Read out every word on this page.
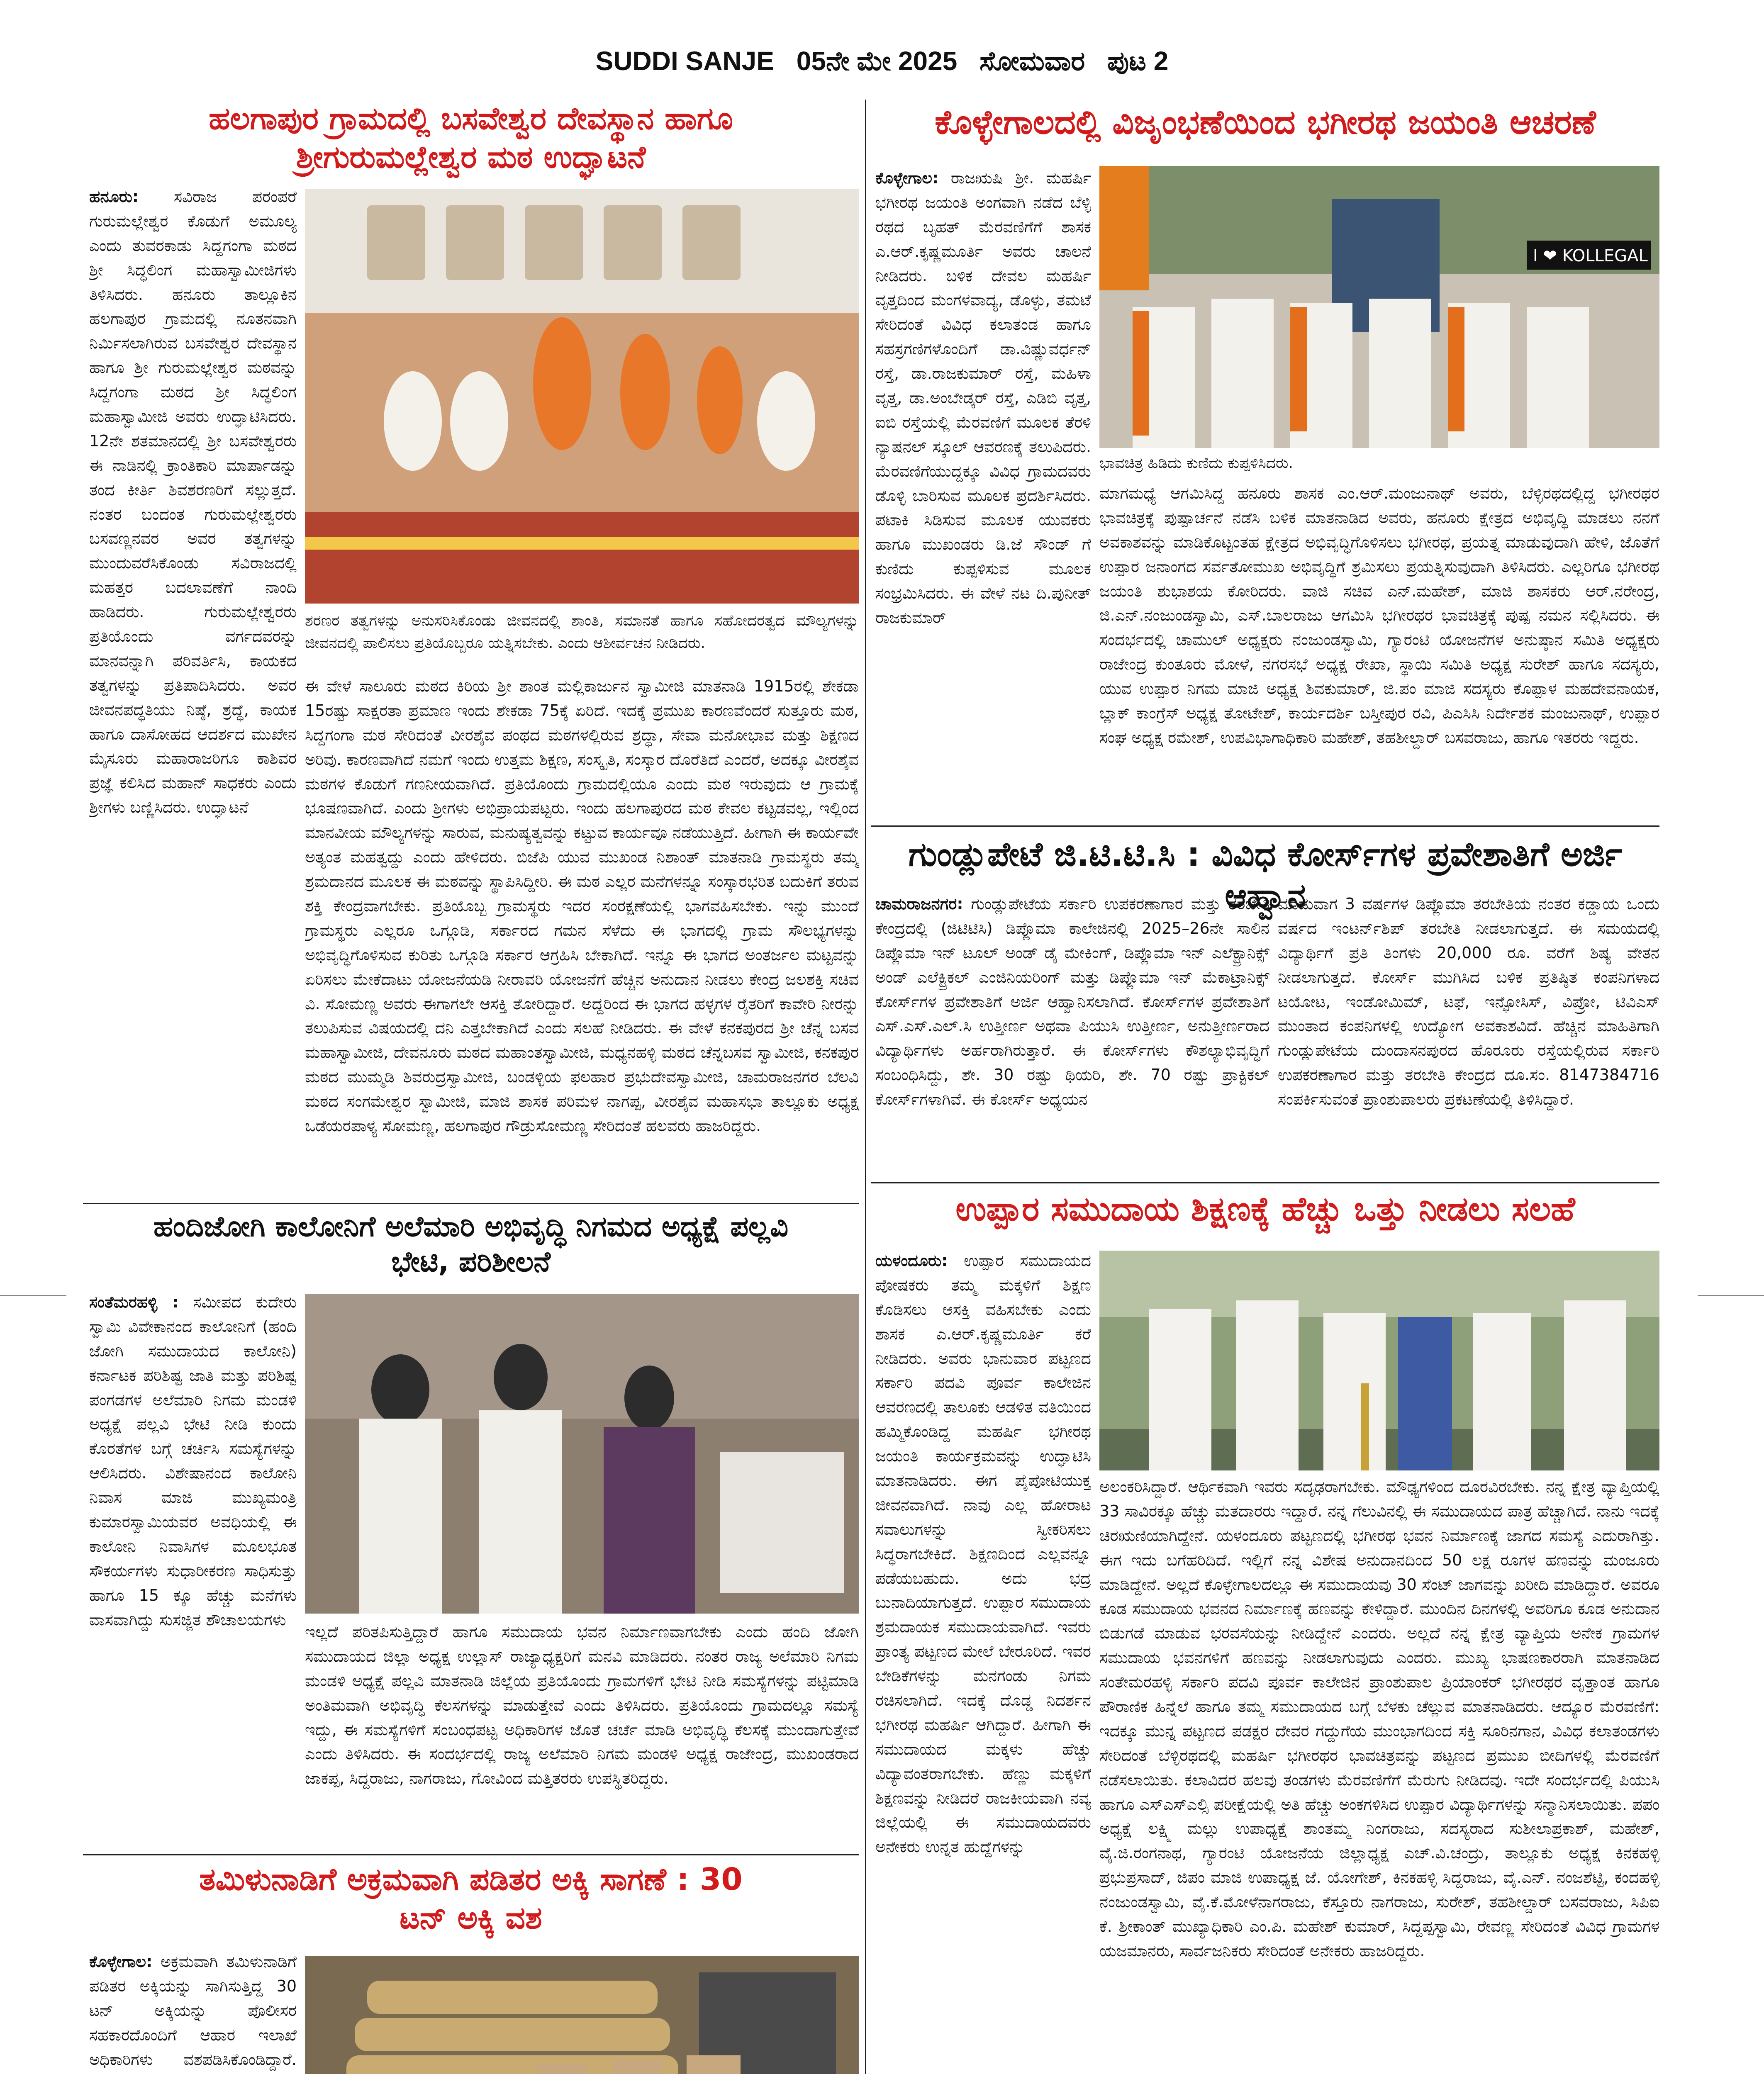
SUDDI SANJE 05ನೇ ಮೇ 2025 ಸೋಮವಾರ ಪುಟ 2
ಹಲಗಾಪುರ ಗ್ರಾಮದಲ್ಲಿ ಬಸವೇಶ್ವರ ದೇವಸ್ಥಾನ ಹಾಗೂ
ಶ್ರೀಗುರುಮಲ್ಲೇಶ್ವರ ಮಠ ಉದ್ಘಾಟನೆ
ಹನೂರು: ಸವಿರಾಜ ಪರಂಪರೆ ಗುರುಮಲ್ಲೇಶ್ವರ ಕೊಡುಗೆ ಅಮೂಲ್ಯ ಎಂದು ತುವರಕಾಡು ಸಿದ್ದಗಂಗಾ ಮಠದ ಶ್ರೀ ಸಿದ್ಧಲಿಂಗ ಮಹಾಸ್ವಾಮೀಜಿಗಳು ತಿಳಿಸಿದರು. ಹನೂರು ತಾಲ್ಲೂಕಿನ ಹಲಗಾಪುರ ಗ್ರಾಮದಲ್ಲಿ ನೂತನವಾಗಿ ನಿರ್ಮಿಸಲಾಗಿರುವ ಬಸವೇಶ್ವರ ದೇವಸ್ಥಾನ ಹಾಗೂ ಶ್ರೀ ಗುರುಮಲ್ಲೇಶ್ವರ ಮಠವನ್ನು ಸಿದ್ದಗಂಗಾ ಮಠದ ಶ್ರೀ ಸಿದ್ಧಲಿಂಗ ಮಹಾಸ್ವಾಮೀಜಿ ಅವರು ಉದ್ಘಾಟಿಸಿದರು. 12ನೇ ಶತಮಾನದಲ್ಲಿ ಶ್ರೀ ಬಸವೇಶ್ವರರು ಈ ನಾಡಿನಲ್ಲಿ ಕ್ರಾಂತಿಕಾರಿ ಮಾರ್ಪಾಡನ್ನು ತಂದ ಕೀರ್ತಿ ಶಿವಶರಣರಿಗೆ ಸಲ್ಲುತ್ತದೆ. ನಂತರ ಬಂದಂತ ಗುರುಮಲ್ಲೇಶ್ವರರು ಬಸವಣ್ಣನವರ ಅವರ ತತ್ವಗಳನ್ನು ಮುಂದುವರೆಸಿಕೊಂಡು ಸವಿರಾಜದಲ್ಲಿ ಮಹತ್ತರ ಬದಲಾವಣೆಗೆ ನಾಂದಿ ಹಾಡಿದರು. ಗುರುಮಲ್ಲೇಶ್ವರರು ಪ್ರತಿಯೊಂದು ವರ್ಗದವರನ್ನು ಮಾನವನ್ನಾಗಿ ಪರಿವರ್ತಿಸಿ, ಕಾಯಕದ ತತ್ವಗಳನ್ನು ಪ್ರತಿಪಾದಿಸಿದರು. ಅವರ ಜೀವನಪದ್ಧತಿಯು ನಿಷ್ಠೆ, ಶ್ರದ್ಧೆ, ಕಾಯಕ ಹಾಗೂ ದಾಸೋಹದ ಆದರ್ಶದ ಮುಖೇನ ಮೈಸೂರು ಮಹಾರಾಜರಿಗೂ ಕಾಶಿವರ ಪ್ರಜ್ಞೆ ಕಲಿಸಿದ ಮಹಾನ್ ಸಾಧಕರು ಎಂದು ಶ್ರೀಗಳು ಬಣ್ಣಿಸಿದರು. ಉದ್ಘಾಟನೆ
ಶರಣರ ತತ್ವಗಳನ್ನು ಅನುಸರಿಸಿಕೊಂಡು ಜೀವನದಲ್ಲಿ ಶಾಂತಿ, ಸಮಾನತೆ ಹಾಗೂ ಸಹೋದರತ್ವದ ಮೌಲ್ಯಗಳನ್ನು ಜೀವನದಲ್ಲಿ ಪಾಲಿಸಲು ಪ್ರತಿಯೊಬ್ಬರೂ ಯತ್ನಿಸಬೇಕು. ಎಂದು ಆಶೀರ್ವಚನ ನೀಡಿದರು.
ಈ ವೇಳೆ ಸಾಲೂರು ಮಠದ ಕಿರಿಯ ಶ್ರೀ ಶಾಂತ ಮಲ್ಲಿಕಾರ್ಜುನ ಸ್ವಾಮೀಜಿ ಮಾತನಾಡಿ 1915ರಲ್ಲಿ ಶೇಕಡಾ 15ರಷ್ಟು ಸಾಕ್ಷರತಾ ಪ್ರಮಾಣ ಇಂದು ಶೇಕಡಾ 75ಕ್ಕೆ ಏರಿದೆ. ಇದಕ್ಕೆ ಪ್ರಮುಖ ಕಾರಣವೆಂದರೆ ಸುತ್ತೂರು ಮಠ, ಸಿದ್ದಗಂಗಾ ಮಠ ಸೇರಿದಂತೆ ವೀರಶೈವ ಪಂಥದ ಮಠಗಳಲ್ಲಿರುವ ಶ್ರದ್ಧಾ, ಸೇವಾ ಮನೋಭಾವ ಮತ್ತು ಶಿಕ್ಷಣದ ಅರಿವು. ಕಾರಣವಾಗಿದೆ ನಮಗೆ ಇಂದು ಉತ್ತಮ ಶಿಕ್ಷಣ, ಸಂಸ್ಕೃತಿ, ಸಂಸ್ಕಾರ ದೊರೆತಿದೆ ಎಂದರೆ, ಅದಕ್ಕೂ ವೀರಶೈವ ಮಠಗಳ ಕೊಡುಗೆ ಗಣನೀಯವಾಗಿದೆ. ಪ್ರತಿಯೊಂದು ಗ್ರಾಮದಲ್ಲಿಯೂ ಎಂದು ಮಠ ಇರುವುದು ಆ ಗ್ರಾಮಕ್ಕೆ ಭೂಷಣವಾಗಿದೆ. ಎಂದು ಶ್ರೀಗಳು ಅಭಿಪ್ರಾಯಪಟ್ಟರು. ಇಂದು ಹಲಗಾಪುರದ ಮಠ ಕೇವಲ ಕಟ್ಟಡವಲ್ಲ, ಇಲ್ಲಿಂದ ಮಾನವೀಯ ಮೌಲ್ಯಗಳನ್ನು ಸಾರುವ, ಮನುಷ್ಯತ್ವವನ್ನು ಕಟ್ಟುವ ಕಾರ್ಯವೂ ನಡೆಯುತ್ತಿದೆ. ಹೀಗಾಗಿ ಈ ಕಾರ್ಯವೇ ಅತ್ಯಂತ ಮಹತ್ವದ್ದು ಎಂದು ಹೇಳಿದರು. ಬಿಜೆಪಿ ಯುವ ಮುಖಂಡ ನಿಶಾಂತ್ ಮಾತನಾಡಿ ಗ್ರಾಮಸ್ಥರು ತಮ್ಮ ಶ್ರಮದಾನದ ಮೂಲಕ ಈ ಮಠವನ್ನು ಸ್ಥಾಪಿಸಿದ್ದೀರಿ. ಈ ಮಠ ಎಲ್ಲರ ಮನೆಗಳನ್ನೂ ಸಂಸ್ಕಾರಭರಿತ ಬದುಕಿಗೆ ತರುವ ಶಕ್ತಿ ಕೇಂದ್ರವಾಗಬೇಕು. ಪ್ರತಿಯೊಬ್ಬ ಗ್ರಾಮಸ್ಥರು ಇದರ ಸಂರಕ್ಷಣೆಯಲ್ಲಿ ಭಾಗವಹಿಸಬೇಕು. ಇನ್ನು ಮುಂದೆ ಗ್ರಾಮಸ್ಥರು ಎಲ್ಲರೂ ಒಗ್ಗೂಡಿ, ಸರ್ಕಾರದ ಗಮನ ಸೆಳೆದು ಈ ಭಾಗದಲ್ಲಿ ಗ್ರಾಮ ಸೌಲಭ್ಯಗಳನ್ನು ಅಭಿವೃದ್ಧಿಗೊಳಿಸುವ ಕುರಿತು ಒಗ್ಗೂಡಿ ಸರ್ಕಾರ ಆಗ್ರಹಿಸಿ ಬೇಕಾಗಿದೆ. ಇನ್ನೂ ಈ ಭಾಗದ ಅಂತರ್ಜಲ ಮಟ್ಟವನ್ನು ಏರಿಸಲು ಮೇಕೆದಾಟು ಯೋಜನೆಯಡಿ ನೀರಾವರಿ ಯೋಜನೆಗೆ ಹೆಚ್ಚಿನ ಅನುದಾನ ನೀಡಲು ಕೇಂದ್ರ ಜಲಶಕ್ತಿ ಸಚಿವ ವಿ. ಸೋಮಣ್ಣ ಅವರು ಈಗಾಗಲೇ ಆಸಕ್ತಿ ತೋರಿದ್ದಾರೆ. ಅದ್ದರಿಂದ ಈ ಭಾಗದ ಹಳ್ಳಗಳ ರೈತರಿಗೆ ಕಾವೇರಿ ನೀರನ್ನು ತಲುಪಿಸುವ ವಿಷಯದಲ್ಲಿ ದನಿ ಎತ್ತಬೇಕಾಗಿದೆ ಎಂದು ಸಲಹೆ ನೀಡಿದರು. ಈ ವೇಳೆ ಕನಕಪುರದ ಶ್ರೀ ಚೆನ್ನ ಬಸವ ಮಹಾಸ್ವಾಮೀಜಿ, ದೇವನೂರು ಮಠದ ಮಹಾಂತಸ್ವಾಮೀಜಿ, ಮಧ್ಯನಹಳ್ಳಿ ಮಠದ ಚೆನ್ನಬಸವ ಸ್ವಾಮೀಜಿ, ಕನಕಪುರ ಮಠದ ಮುಮ್ಮಡಿ ಶಿವರುದ್ರಸ್ವಾಮೀಜಿ, ಬಂಡಳ್ಳಿಯ ಫಲಹಾರ ಪ್ರಭುದೇವಸ್ವಾಮೀಜಿ, ಚಾಮರಾಜನಗರ ಬೆಲವಿ ಮಠದ ಸಂಗಮೇಶ್ವರ ಸ್ವಾಮೀಜಿ, ಮಾಜಿ ಶಾಸಕ ಪರಿಮಳ ನಾಗಪ್ಪ, ವೀರಶೈವ ಮಹಾಸಭಾ ತಾಲ್ಲೂಕು ಅಧ್ಯಕ್ಷ ಒಡೆಯರಪಾಳ್ಯ ಸೋಮಣ್ಣ, ಹಲಗಾಪುರ ಗೌಡ್ರುಸೋಮಣ್ಣ ಸೇರಿದಂತೆ ಹಲವರು ಹಾಜರಿದ್ದರು.
ಹಂದಿಜೋಗಿ ಕಾಲೋನಿಗೆ ಅಲೆಮಾರಿ ಅಭಿವೃದ್ಧಿ ನಿಗಮದ ಅಧ್ಯಕ್ಷೆ ಪಲ್ಲವಿ
ಭೇಟಿ, ಪರಿಶೀಲನೆ
ಸಂತೆಮರಹಳ್ಳಿ : ಸಮೀಪದ ಕುದೇರು ಸ್ವಾಮಿ ವಿವೇಕಾನಂದ ಕಾಲೋನಿಗೆ (ಹಂದಿ ಜೋಗಿ ಸಮುದಾಯದ ಕಾಲೋನಿ) ಕರ್ನಾಟಕ ಪರಿಶಿಷ್ಟ ಜಾತಿ ಮತ್ತು ಪರಿಶಿಷ್ಟ ಪಂಗಡಗಳ ಅಲೆಮಾರಿ ನಿಗಮ ಮಂಡಳಿ ಅಧ್ಯಕ್ಷೆ ಪಲ್ಲವಿ ಭೇಟಿ ನೀಡಿ ಕುಂದು ಕೊರತೆಗಳ ಬಗ್ಗೆ ಚರ್ಚಿಸಿ ಸಮಸ್ಯೆಗಳನ್ನು ಆಲಿಸಿದರು. ವಿಶೇಷಾನಂದ ಕಾಲೋನಿ ನಿವಾಸ ಮಾಜಿ ಮುಖ್ಯಮಂತ್ರಿ ಕುಮಾರಸ್ವಾಮಿಯವರ ಅವಧಿಯಲ್ಲಿ ಈ ಕಾಲೋನಿ ನಿವಾಸಿಗಳ ಮೂಲಭೂತ ಸೌಕರ್ಯಗಳು ಸುಧಾರೀಕರಣ ಸಾಧಿಸುತ್ತು ಹಾಗೂ 15 ಕ್ಕೂ ಹೆಚ್ಚು ಮನೆಗಳು ವಾಸವಾಗಿದ್ದು ಸುಸಜ್ಜಿತ ಶೌಚಾಲಯಗಳು
ಇಲ್ಲದೆ ಪರಿತಪಿಸುತ್ತಿದ್ದಾರೆ ಹಾಗೂ ಸಮುದಾಯ ಭವನ ನಿರ್ಮಾಣವಾಗಬೇಕು ಎಂದು ಹಂದಿ ಜೋಗಿ ಸಮುದಾಯದ ಜಿಲ್ಲಾ ಅಧ್ಯಕ್ಷ ಉಲ್ಲಾಸ್ ರಾಜ್ಯಾಧ್ಯಕ್ಷರಿಗೆ ಮನವಿ ಮಾಡಿದರು. ನಂತರ ರಾಜ್ಯ ಅಲೆಮಾರಿ ನಿಗಮ ಮಂಡಳಿ ಅಧ್ಯಕ್ಷೆ ಪಲ್ಲವಿ ಮಾತನಾಡಿ ಜಿಲ್ಲೆಯ ಪ್ರತಿಯೊಂದು ಗ್ರಾಮಗಳಿಗೆ ಭೇಟಿ ನೀಡಿ ಸಮಸ್ಯೆಗಳನ್ನು ಪಟ್ಟಿಮಾಡಿ ಅಂತಿಮವಾಗಿ ಅಭಿವೃದ್ಧಿ ಕೆಲಸಗಳನ್ನು ಮಾಡುತ್ತೇವೆ ಎಂದು ತಿಳಿಸಿದರು. ಪ್ರತಿಯೊಂದು ಗ್ರಾಮದಲ್ಲೂ ಸಮಸ್ಯೆ ಇದ್ದು, ಈ ಸಮಸ್ಯೆಗಳಿಗೆ ಸಂಬಂಧಪಟ್ಟ ಅಧಿಕಾರಿಗಳ ಜೊತೆ ಚರ್ಚೆ ಮಾಡಿ ಅಭಿವೃದ್ಧಿ ಕೆಲಸಕ್ಕೆ ಮುಂದಾಗುತ್ತೇವೆ ಎಂದು ತಿಳಿಸಿದರು. ಈ ಸಂದರ್ಭದಲ್ಲಿ ರಾಜ್ಯ ಅಲೆಮಾರಿ ನಿಗಮ ಮಂಡಳಿ ಅಧ್ಯಕ್ಷ ರಾಜೇಂದ್ರ, ಮುಖಂಡರಾದ ಜಾಕಪ್ಪ, ಸಿದ್ದರಾಜು, ನಾಗರಾಜು, ಗೋವಿಂದ ಮತ್ತಿತರರು ಉಪಸ್ಥಿತರಿದ್ದರು.
ತಮಿಳುನಾಡಿಗೆ ಅಕ್ರಮವಾಗಿ ಪಡಿತರ ಅಕ್ಕಿ ಸಾಗಣೆ : 30
ಟನ್ ಅಕ್ಕಿ ವಶ
ಕೊಳ್ಳೇಗಾಲ: ಅಕ್ರಮವಾಗಿ ತಮಿಳುನಾಡಿಗೆ ಪಡಿತರ ಅಕ್ಕಿಯನ್ನು ಸಾಗಿಸುತ್ತಿದ್ದ 30 ಟನ್ ಅಕ್ಕಿಯನ್ನು ಪೊಲೀಸರ ಸಹಕಾರದೊಂದಿಗೆ ಆಹಾರ ಇಲಾಖೆ ಅಧಿಕಾರಿಗಳು ವಶಪಡಿಸಿಕೊಂಡಿದ್ದಾರೆ.
ಕೊಳ್ಳೇಗಾಲದಲ್ಲಿ ವಿಜೃಂಭಣೆಯಿಂದ ಭಗೀರಥ ಜಯಂತಿ ಆಚರಣೆ
ಕೊಳ್ಳೇಗಾಲ: ರಾಜಋಷಿ ಶ್ರೀ. ಮಹರ್ಷಿ ಭಗೀರಥ ಜಯಂತಿ ಅಂಗವಾಗಿ ನಡೆದ ಬೆಳ್ಳಿ ರಥದ ಬೃಹತ್ ಮೆರವಣಿಗೆಗೆ ಶಾಸಕ ಎ.ಆರ್.ಕೃಷ್ಣಮೂರ್ತಿ ಅವರು ಚಾಲನೆ ನೀಡಿದರು. ಬಳಿಕ ದೇವಲ ಮಹರ್ಷಿ ವೃತ್ತದಿಂದ ಮಂಗಳವಾದ್ಯ, ಡೊಳ್ಳು, ತಮಟೆ ಸೇರಿದಂತೆ ವಿವಿಧ ಕಲಾತಂಡ ಹಾಗೂ ಸಹಸ್ರಗಣಿಗಳೊಂದಿಗೆ ಡಾ.ವಿಷ್ಣುವರ್ಧನ್ ರಸ್ತೆ, ಡಾ.ರಾಜಕುಮಾರ್ ರಸ್ತೆ, ಮಹಿಳಾ ವೃತ್ತ, ಡಾ.ಅಂಬೇಡ್ಕರ್ ರಸ್ತೆ, ಎಡಿಬಿ ವೃತ್ತ, ಐಬಿ ರಸ್ತೆಯಲ್ಲಿ ಮೆರವಣಿಗೆ ಮೂಲಕ ತೆರಳಿ ನ್ಯಾಷನಲ್ ಸ್ಕೂಲ್ ಆವರಣಕ್ಕೆ ತಲುಪಿದರು. ಮೆರವಣಿಗೆಯುದ್ದಕ್ಕೂ ವಿವಿಧ ಗ್ರಾಮದವರು ಡೊಳ್ಳಿ ಬಾರಿಸುವ ಮೂಲಕ ಪ್ರದರ್ಶಿಸಿದರು. ಪಟಾಕಿ ಸಿಡಿಸುವ ಮೂಲಕ ಯುವಕರು ಹಾಗೂ ಮುಖಂಡರು ಡಿ.ಜೆ ಸೌಂಡ್ ಗೆ ಕುಣಿದು ಕುಪ್ಪಳಿಸುವ ಮೂಲಕ ಸಂಭ್ರಮಿಸಿದರು. ಈ ವೇಳೆ ನಟ ದಿ.ಪುನೀತ್ ರಾಜಕುಮಾರ್
I ❤ KOLLEGAL
ಭಾವಚಿತ್ರ ಹಿಡಿದು ಕುಣಿದು ಕುಪ್ಪಳಿಸಿದರು.
ಮಾಗಮಧ್ಯೆ ಆಗಮಿಸಿದ್ದ ಹನೂರು ಶಾಸಕ ಎಂ.ಆರ್.ಮಂಜುನಾಥ್ ಅವರು, ಬೆಳ್ಳಿರಥದಲ್ಲಿದ್ದ ಭಗೀರಥರ ಭಾವಚಿತ್ರಕ್ಕೆ ಪುಷ್ಪಾರ್ಚನೆ ನಡೆಸಿ ಬಳಿಕ ಮಾತನಾಡಿದ ಅವರು, ಹನೂರು ಕ್ಷೇತ್ರದ ಅಭಿವೃದ್ಧಿ ಮಾಡಲು ನನಗೆ ಅವಕಾಶವನ್ನು ಮಾಡಿಕೊಟ್ಟಂತಹ ಕ್ಷೇತ್ರದ ಅಭಿವೃದ್ಧಿಗೊಳಿಸಲು ಭಗೀರಥ, ಪ್ರಯತ್ನ ಮಾಡುವುದಾಗಿ ಹೇಳಿ, ಜೊತೆಗೆ ಉಪ್ಪಾರ ಜನಾಂಗದ ಸರ್ವತೋಮುಖ ಅಭಿವೃದ್ಧಿಗೆ ಶ್ರಮಿಸಲು ಪ್ರಯತ್ನಿಸುವುದಾಗಿ ತಿಳಿಸಿದರು. ಎಲ್ಲರಿಗೂ ಭಗೀರಥ ಜಯಂತಿ ಶುಭಾಶಯ ಕೋರಿದರು. ವಾಜಿ ಸಚಿವ ಎನ್.ಮಹೇಶ್, ಮಾಜಿ ಶಾಸಕರು ಆರ್.ನರೇಂದ್ರ, ಜಿ.ಎನ್.ನಂಜುಂಡಸ್ವಾಮಿ, ಎಸ್.ಬಾಲರಾಜು ಆಗಮಿಸಿ ಭಗೀರಥರ ಭಾವಚಿತ್ರಕ್ಕೆ ಪುಷ್ಪ ನಮನ ಸಲ್ಲಿಸಿದರು. ಈ ಸಂದರ್ಭದಲ್ಲಿ ಚಾಮುಲ್ ಅಧ್ಯಕ್ಷರು ನಂಜುಂಡಸ್ವಾಮಿ, ಗ್ಯಾರಂಟಿ ಯೋಜನೆಗಳ ಅನುಷ್ಠಾನ ಸಮಿತಿ ಅಧ್ಯಕ್ಷರು ರಾಜೇಂದ್ರ ಕುಂತೂರು ಮೋಳೆ, ನಗರಸಭೆ ಅಧ್ಯಕ್ಷ ರೇಖಾ, ಸ್ಥಾಯಿ ಸಮಿತಿ ಅಧ್ಯಕ್ಷ ಸುರೇಶ್ ಹಾಗೂ ಸದಸ್ಯರು, ಯುವ ಉಪ್ಪಾರ ನಿಗಮ ಮಾಜಿ ಅಧ್ಯಕ್ಷ ಶಿವಕುಮಾರ್, ಜಿ.ಪಂ ಮಾಜಿ ಸದಸ್ಯರು ಕೊಪ್ಪಾಳ ಮಹದೇವನಾಯಕ, ಬ್ಲಾಕ್ ಕಾಂಗ್ರೆಸ್ ಅಧ್ಯಕ್ಷ ತೋಟೇಶ್, ಕಾರ್ಯದರ್ಶಿ ಬಸ್ತೀಪುರ ರವಿ, ಪಿಎಸಿಸಿ ನಿರ್ದೇಶಕ ಮಂಜುನಾಥ್, ಉಪ್ಪಾರ ಸಂಘ ಅಧ್ಯಕ್ಷ ರಮೇಶ್, ಉಪವಿಭಾಗಾಧಿಕಾರಿ ಮಹೇಶ್, ತಹಶೀಲ್ದಾರ್ ಬಸವರಾಜು, ಹಾಗೂ ಇತರರು ಇದ್ದರು.
ಗುಂಡ್ಲುಪೇಟೆ ಜಿ.ಟಿ.ಟಿ.ಸಿ : ವಿವಿಧ ಕೋರ್ಸ್‌ಗಳ ಪ್ರವೇಶಾತಿಗೆ ಅರ್ಜಿ ಆಹ್ವಾನ
ಚಾಮರಾಜನಗರ: ಗುಂಡ್ಲುಪೇಟೆಯ ಸರ್ಕಾರಿ ಉಪಕರಣಾಗಾರ ಮತ್ತು ತರಬೇತಿ ಕೇಂದ್ರದಲ್ಲಿ (ಜಿಟಿಟಿಸಿ) ಡಿಪ್ಲೊಮಾ ಕಾಲೇಜಿನಲ್ಲಿ 2025–26ನೇ ಸಾಲಿನ ಡಿಪ್ಲೊಮಾ ಇನ್ ಟೂಲ್ ಅಂಡ್ ಡೈ ಮೇಕಿಂಗ್, ಡಿಪ್ಲೊಮಾ ಇನ್ ಎಲೆಕ್ಟ್ರಾನಿಕ್ಸ್ ಅಂಡ್ ಎಲೆಕ್ಟ್ರಿಕಲ್ ಎಂಜಿನಿಯರಿಂಗ್ ಮತ್ತು ಡಿಪ್ಲೊಮಾ ಇನ್ ಮೆಕಾಟ್ರಾನಿಕ್ಸ್ ಕೋರ್ಸ್‌ಗಳ ಪ್ರವೇಶಾತಿಗೆ ಅರ್ಜಿ ಆಹ್ವಾನಿಸಲಾಗಿದೆ. ಕೋರ್ಸ್‌ಗಳ ಪ್ರವೇಶಾತಿಗೆ ಎಸ್.ಎಸ್.ಎಲ್.ಸಿ ಉತ್ತೀರ್ಣ ಅಥವಾ ಪಿಯುಸಿ ಉತ್ತೀರ್ಣ, ಅನುತ್ತೀರ್ಣರಾದ ವಿದ್ಯಾರ್ಥಿಗಳು ಅರ್ಹರಾಗಿರುತ್ತಾರೆ. ಈ ಕೋರ್ಸ್‌ಗಳು ಕೌಶಲ್ಯಾಭಿವೃದ್ಧಿಗೆ ಸಂಬಂಧಿಸಿದ್ದು, ಶೇ. 30 ರಷ್ಟು ಥಿಯರಿ, ಶೇ. 70 ರಷ್ಟು ಪ್ರಾಕ್ಟಿಕಲ್ ಕೋರ್ಸ್‌ಗಳಾಗಿವೆ. ಈ ಕೋರ್ಸ್ ಅಧ್ಯಯನ
ಮಾಡುವಾಗ 3 ವರ್ಷಗಳ ಡಿಪ್ಲೊಮಾ ತರಬೇತಿಯ ನಂತರ ಕಡ್ಡಾಯ ಒಂದು ವರ್ಷದ ಇಂಟರ್ನ್‌ಶಿಪ್ ತರಬೇತಿ ನೀಡಲಾಗುತ್ತದೆ. ಈ ಸಮಯದಲ್ಲಿ ವಿದ್ಯಾರ್ಥಿಗೆ ಪ್ರತಿ ತಿಂಗಳು 20,000 ರೂ. ವರೆಗೆ ಶಿಷ್ಯ ವೇತನ ನೀಡಲಾಗುತ್ತದೆ. ಕೋರ್ಸ್ ಮುಗಿಸಿದ ಬಳಿಕ ಪ್ರತಿಷ್ಠಿತ ಕಂಪನಿಗಳಾದ ಟಯೋಟ, ಇಂಡೋಮಿಮ್, ಟಫೆ, ಇನ್ಫೋಸಿಸ್, ವಿಪ್ರೋ, ಟಿವಿಎಸ್ ಮುಂತಾದ ಕಂಪನಿಗಳಲ್ಲಿ ಉದ್ಯೋಗ ಅವಕಾಶವಿದೆ. ಹೆಚ್ಚಿನ ಮಾಹಿತಿಗಾಗಿ ಗುಂಡ್ಲುಪೇಟೆಯ ದುಂದಾಸನಪುರದ ಹೊರೂರು ರಸ್ತೆಯಲ್ಲಿರುವ ಸರ್ಕಾರಿ ಉಪಕರಣಾಗಾರ ಮತ್ತು ತರಬೇತಿ ಕೇಂದ್ರದ ದೂ.ಸಂ. 8147384716 ಸಂಪರ್ಕಿಸುವಂತೆ ಪ್ರಾಂಶುಪಾಲರು ಪ್ರಕಟಣೆಯಲ್ಲಿ ತಿಳಿಸಿದ್ದಾರೆ.
ಉಪ್ಪಾರ ಸಮುದಾಯ ಶಿಕ್ಷಣಕ್ಕೆ ಹೆಚ್ಚು ಒತ್ತು ನೀಡಲು ಸಲಹೆ
ಯಳಂದೂರು: ಉಪ್ಪಾರ ಸಮುದಾಯದ ಪೋಷಕರು ತಮ್ಮ ಮಕ್ಕಳಿಗೆ ಶಿಕ್ಷಣ ಕೊಡಿಸಲು ಆಸಕ್ತಿ ವಹಿಸಬೇಕು ಎಂದು ಶಾಸಕ ಎ.ಆರ್.ಕೃಷ್ಣಮೂರ್ತಿ ಕರೆ ನೀಡಿದರು. ಅವರು ಭಾನುವಾರ ಪಟ್ಟಣದ ಸರ್ಕಾರಿ ಪದವಿ ಪೂರ್ವ ಕಾಲೇಜಿನ ಆವರಣದಲ್ಲಿ ತಾಲೂಕು ಆಡಳಿತ ವತಿಯಿಂದ ಹಮ್ಮಿಕೊಂಡಿದ್ದ ಮಹರ್ಷಿ ಭಗೀರಥ ಜಯಂತಿ ಕಾರ್ಯಕ್ರಮವನ್ನು ಉದ್ಘಾಟಿಸಿ ಮಾತನಾಡಿದರು. ಈಗ ಪೈಪೋಟಿಯುಕ್ತ ಜೀವನವಾಗಿದೆ. ನಾವು ಎಲ್ಲ ಹೋರಾಟ ಸವಾಲುಗಳನ್ನು ಸ್ವೀಕರಿಸಲು ಸಿದ್ಧರಾಗಬೇಕಿದೆ. ಶಿಕ್ಷಣದಿಂದ ಎಲ್ಲವನ್ನೂ ಪಡೆಯಬಹುದು. ಅದು ಭದ್ರ ಬುನಾದಿಯಾಗುತ್ತದೆ. ಉಪ್ಪಾರ ಸಮುದಾಯ ಶ್ರಮದಾಯಕ ಸಮುದಾಯವಾಗಿದೆ. ಇವರು ಪ್ರಾಂತ್ಯ ಪಟ್ಟಣದ ಮೇಲೆ ಬೇರೂರಿದೆ. ಇವರ ಬೇಡಿಕೆಗಳನ್ನು ಮನಗಂಡು ನಿಗಮ ರಚಿಸಲಾಗಿದೆ. ಇದಕ್ಕೆ ದೊಡ್ಡ ನಿದರ್ಶನ ಭಗೀರಥ ಮಹರ್ಷಿ ಆಗಿದ್ದಾರೆ. ಹೀಗಾಗಿ ಈ ಸಮುದಾಯದ ಮಕ್ಕಳು ಹೆಚ್ಚು ವಿದ್ಯಾವಂತರಾಗಬೇಕು. ಹೆಣ್ಣು ಮಕ್ಕಳಿಗೆ ಶಿಕ್ಷಣವನ್ನು ನೀಡಿದರೆ ರಾಜಕೀಯವಾಗಿ ನವ್ಯ ಜಿಲ್ಲೆಯಲ್ಲಿ ಈ ಸಮುದಾಯದವರು ಅನೇಕರು ಉನ್ನತ ಹುದ್ದೆಗಳನ್ನು
ಅಲಂಕರಿಸಿದ್ದಾರೆ. ಆರ್ಥಿಕವಾಗಿ ಇವರು ಸದೃಢರಾಗಬೇಕು. ಮೌಢ್ಯಗಳಿಂದ ದೂರವಿರಬೇಕು. ನನ್ನ ಕ್ಷೇತ್ರ ವ್ಯಾಪ್ತಿಯಲ್ಲಿ 33 ಸಾವಿರಕ್ಕೂ ಹೆಚ್ಚು ಮತದಾರರು ಇದ್ದಾರೆ. ನನ್ನ ಗೆಲುವಿನಲ್ಲಿ ಈ ಸಮುದಾಯದ ಪಾತ್ರ ಹೆಚ್ಚಾಗಿದೆ. ನಾನು ಇದಕ್ಕೆ ಚಿರಋಣಿಯಾಗಿದ್ದೇನೆ. ಯಳಂದೂರು ಪಟ್ಟಣದಲ್ಲಿ ಭಗೀರಥ ಭವನ ನಿರ್ಮಾಣಕ್ಕೆ ಜಾಗದ ಸಮಸ್ಯೆ ಎದುರಾಗಿತ್ತು. ಈಗ ಇದು ಬಗೆಹರಿದಿದೆ. ಇಲ್ಲಿಗೆ ನನ್ನ ವಿಶೇಷ ಅನುದಾನದಿಂದ 50 ಲಕ್ಷ ರೂಗಳ ಹಣವನ್ನು ಮಂಜೂರು ಮಾಡಿದ್ದೇನೆ. ಅಲ್ಲದೆ ಕೊಳ್ಳೇಗಾಲದಲ್ಲೂ ಈ ಸಮುದಾಯವು 30 ಸೆಂಟ್ ಜಾಗವನ್ನು ಖರೀದಿ ಮಾಡಿದ್ದಾರೆ. ಅವರೂ ಕೂಡ ಸಮುದಾಯ ಭವನದ ನಿರ್ಮಾಣಕ್ಕೆ ಹಣವನ್ನು ಕೇಳಿದ್ದಾರೆ. ಮುಂದಿನ ದಿನಗಳಲ್ಲಿ ಅವರಿಗೂ ಕೂಡ ಅನುದಾನ ಬಿಡುಗಡೆ ಮಾಡುವ ಭರವಸೆಯನ್ನು ನೀಡಿದ್ದೇನೆ ಎಂದರು. ಅಲ್ಲದೆ ನನ್ನ ಕ್ಷೇತ್ರ ವ್ಯಾಪ್ತಿಯ ಅನೇಕ ಗ್ರಾಮಗಳ ಸಮುದಾಯ ಭವನಗಳಿಗೆ ಹಣವನ್ನು ನೀಡಲಾಗುವುದು ಎಂದರು. ಮುಖ್ಯ ಭಾಷಣಕಾರರಾಗಿ ಮಾತನಾಡಿದ ಸಂತೇಮರಹಳ್ಳಿ ಸರ್ಕಾರಿ ಪದವಿ ಪೂರ್ವ ಕಾಲೇಜಿನ ಪ್ರಾಂಶುಪಾಲ ಪ್ರಿಯಾಂಕರ್ ಭಗೀರಥರ ವೃತ್ತಾಂತ ಹಾಗೂ ಪೌರಾಣಿಕ ಹಿನ್ನೆಲೆ ಹಾಗೂ ತಮ್ಮ ಸಮುದಾಯದ ಬಗ್ಗೆ ಬೆಳಕು ಚೆಲ್ಲುವ ಮಾತನಾಡಿದರು. ಆದ್ಯೂರ ಮೆರವಣಿಗೆ: ಇದಕ್ಕೂ ಮುನ್ನ ಪಟ್ಟಣದ ಪಡಕ್ಷರ ದೇವರ ಗದ್ದುಗೆಯ ಮುಂಭಾಗದಿಂದ ಸಕ್ತಿ ಸೂರಿನಗಾನ, ವಿವಿಧ ಕಲಾತಂಡಗಳು ಸೇರಿದಂತೆ ಬೆಳ್ಳಿರಥದಲ್ಲಿ ಮಹರ್ಷಿ ಭಗೀರಥರ ಭಾವಚಿತ್ರವನ್ನು ಪಟ್ಟಣದ ಪ್ರಮುಖ ಬೀದಿಗಳಲ್ಲಿ ಮೆರವಣಿಗೆ ನಡೆಸಲಾಯಿತು. ಕಲಾವಿದರ ಹಲವು ತಂಡಗಳು ಮೆರವಣಿಗೆಗೆ ಮೆರುಗು ನೀಡಿದವು. ಇದೇ ಸಂದರ್ಭದಲ್ಲಿ ಪಿಯುಸಿ ಹಾಗೂ ಎಸ್ಎಸ್ಎಲ್ಸಿ ಪರೀಕ್ಷೆಯಲ್ಲಿ ಅತಿ ಹೆಚ್ಚು ಅಂಕಗಳಿಸಿದ ಉಪ್ಪಾರ ವಿದ್ಯಾರ್ಥಿಗಳನ್ನು ಸನ್ಮಾನಿಸಲಾಯಿತು. ಪಪಂ ಅಧ್ಯಕ್ಷೆ ಲಕ್ಷ್ಮಿ ಮಲ್ಲು ಉಪಾಧ್ಯಕ್ಷೆ ಶಾಂತಮ್ಮ ನಿಂಗರಾಜು, ಸದಸ್ಯರಾದ ಸುಶೀಲಾಪ್ರಕಾಶ್, ಮಹೇಶ್, ವೈ.ಜಿ.ರಂಗನಾಥ, ಗ್ಯಾರಂಟಿ ಯೋಜನೆಯ ಜಿಲ್ಲಾಧ್ಯಕ್ಷ ಎಚ್.ವಿ.ಚಂದ್ರು, ತಾಲ್ಲೂಕು ಅಧ್ಯಕ್ಷ ಕಿನಕಹಳ್ಳಿ ಪ್ರಭುಪ್ರಸಾದ್, ಜಿಪಂ ಮಾಜಿ ಉಪಾಧ್ಯಕ್ಷ ಜೆ. ಯೋಗೇಶ್, ಕಿನಕಹಳ್ಳಿ ಸಿದ್ದರಾಜು, ವೈ.ಎನ್. ನಂಜಶೆಟ್ಟಿ, ಕಂದಹಳ್ಳಿ ನಂಜುಂಡಸ್ವಾಮಿ, ವೈ.ಕೆ.ಮೋಳೆನಾಗರಾಜು, ಕೆಸ್ತೂರು ನಾಗರಾಜು, ಸುರೇಶ್, ತಹಶೀಲ್ದಾರ್ ಬಸವರಾಜು, ಸಿಪಿಐ ಕೆ. ಶ್ರೀಕಾಂತ್ ಮುಖ್ಯಾಧಿಕಾರಿ ಎಂ.ಪಿ. ಮಹೇಶ್ ಕುಮಾರ್, ಸಿದ್ದಪ್ಪಸ್ವಾಮಿ, ರೇವಣ್ಣ ಸೇರಿದಂತೆ ವಿವಿಧ ಗ್ರಾಮಗಳ ಯಜಮಾನರು, ಸಾರ್ವಜನಿಕರು ಸೇರಿದಂತೆ ಅನೇಕರು ಹಾಜರಿದ್ದರು.
